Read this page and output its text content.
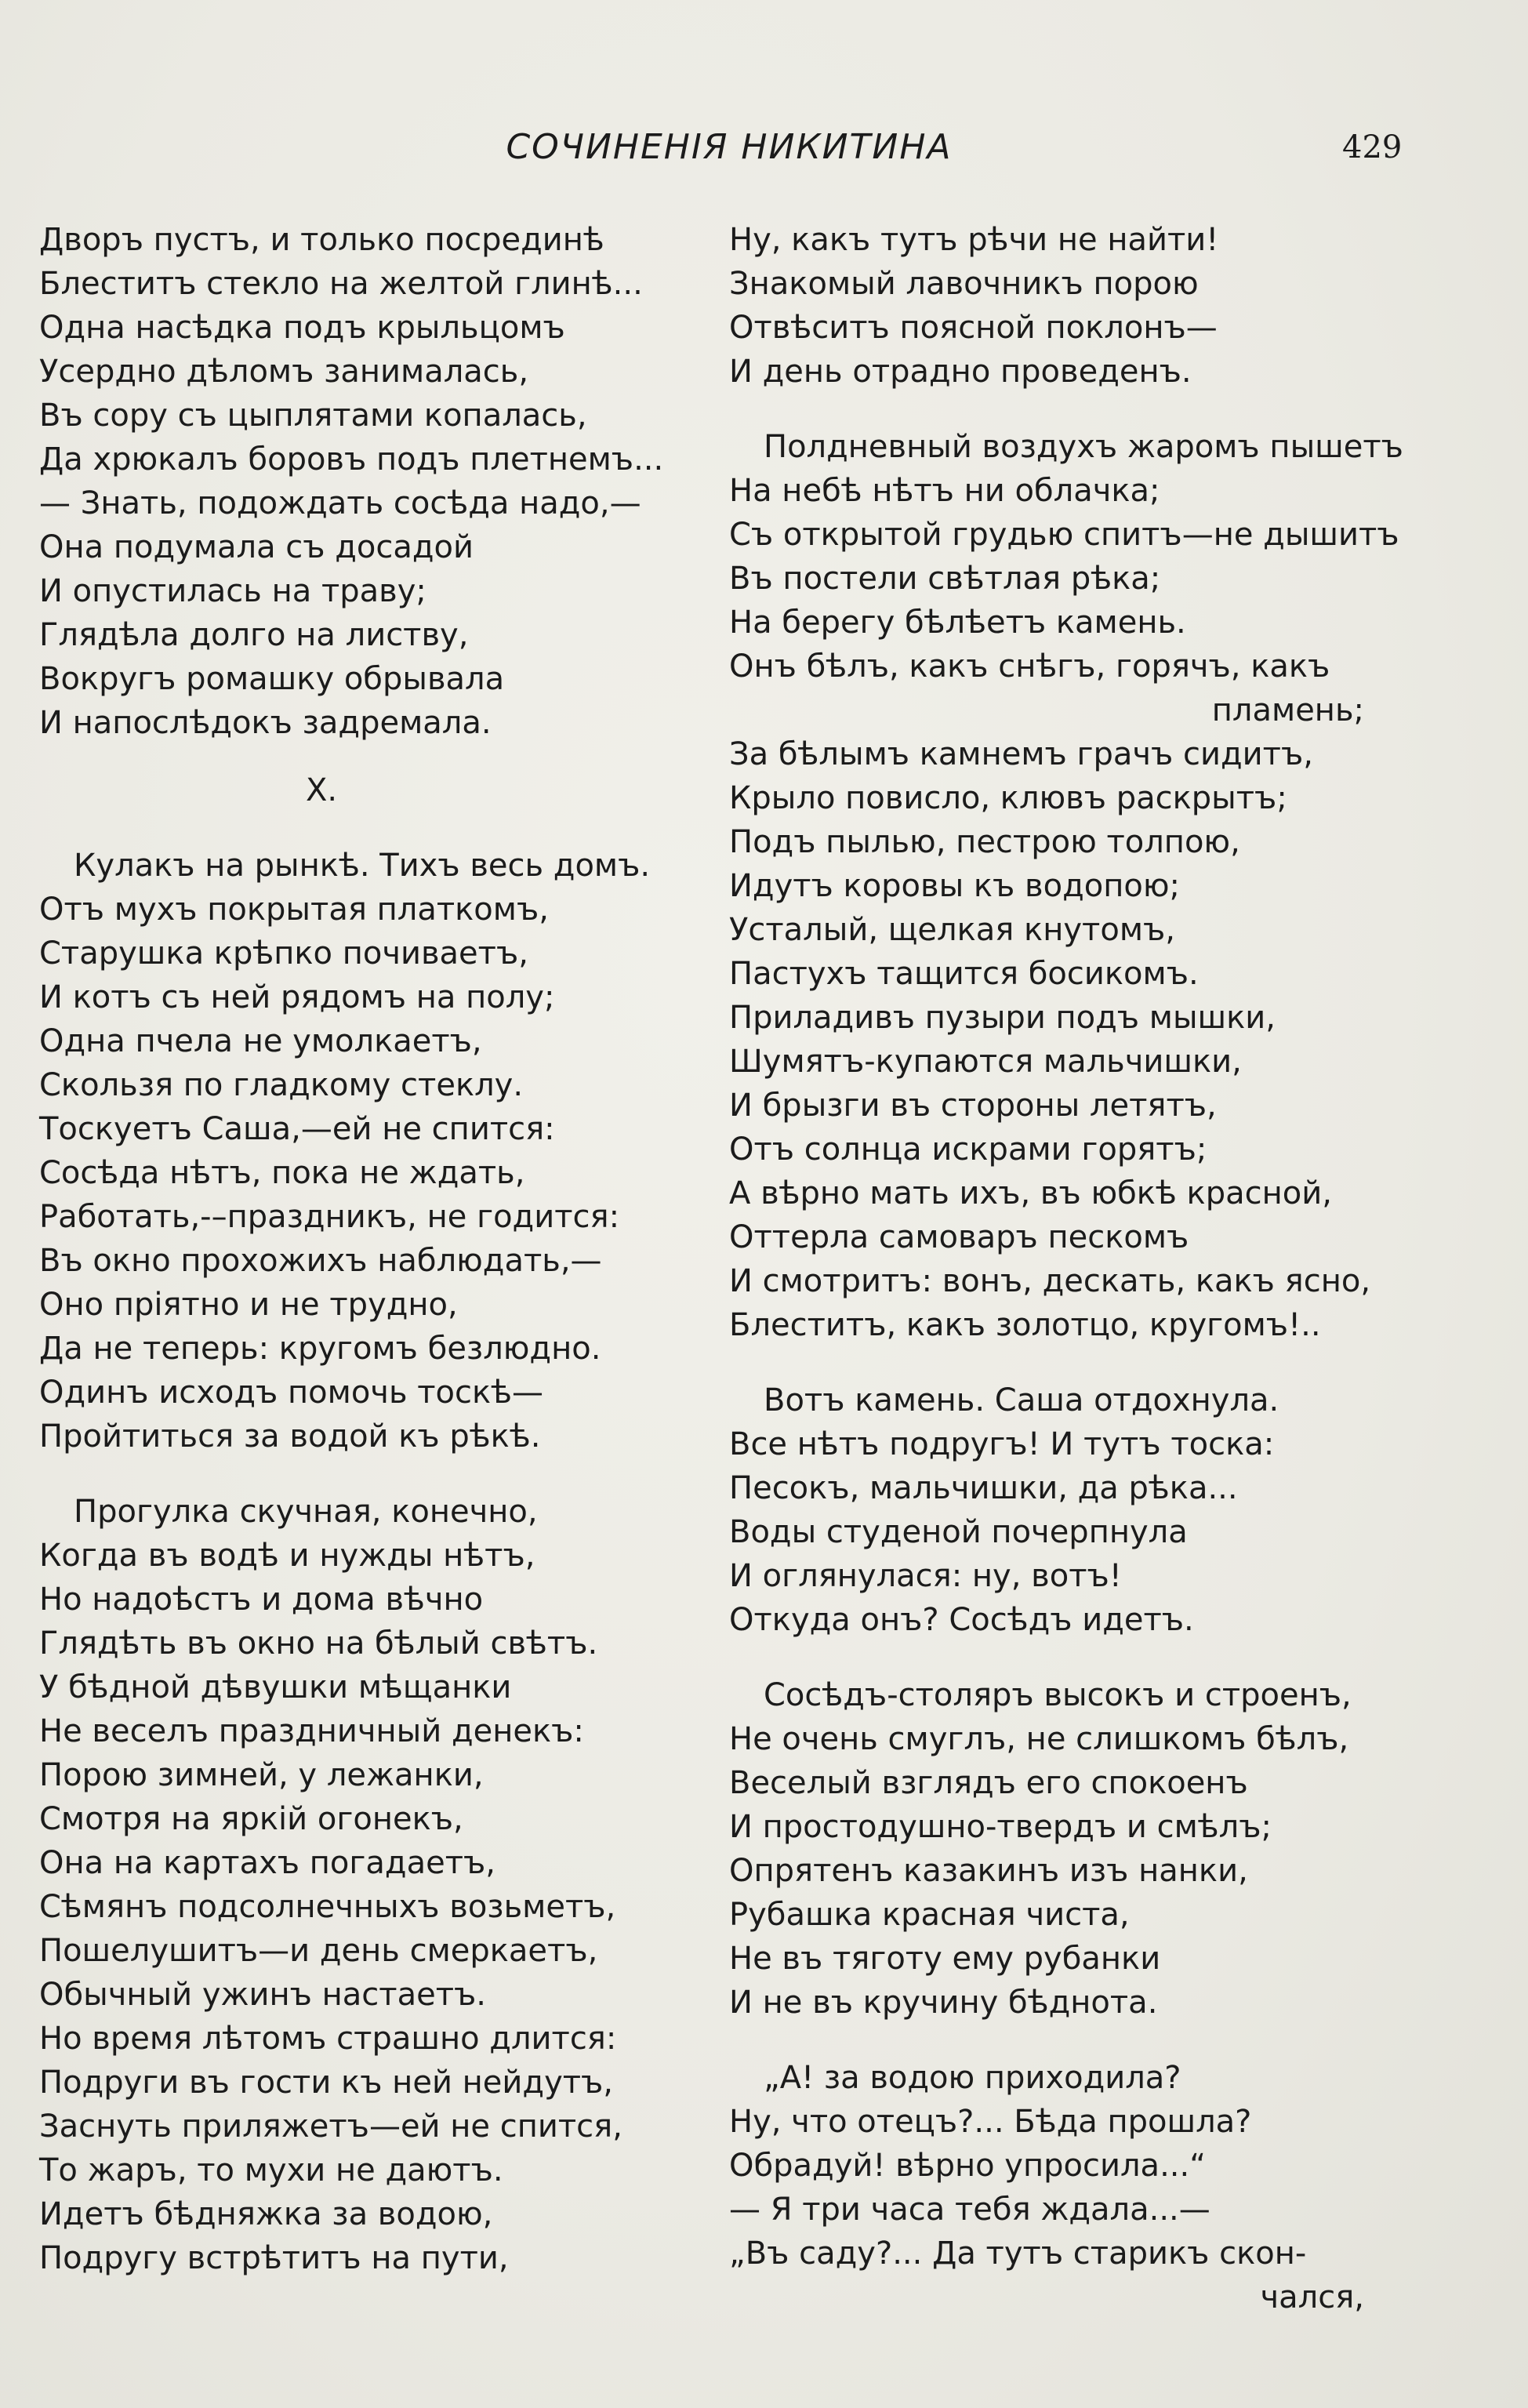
СОЧИНЕНІЯ НИКИТИНА	429
Дворъ пустъ, и только посрединѣ
Блеститъ стекло на желтой глинѣ...
Одна насѣдка подъ крыльцомъ
Усердно дѣломъ занималась,
Въ сору съ цыплятами копалась,
Да хрюкалъ боровъ подъ плетнемъ...
— Знать, подождать сосѣда надо,—
Она подумала съ досадой
И опустилась на траву;
Глядѣла долго на листву,
Вокругъ ромашку обрывала
И напослѣдокъ задремала.
X.
Кулакъ на рынкѣ. Тихъ весь домъ.
Отъ мухъ покрытая платкомъ,
Старушка крѣпко почиваетъ,
И котъ съ ней рядомъ на полу;
Одна пчела не умолкаетъ,
Скользя по гладкому стеклу.
Тоскуетъ Саша,—ей не спится:
Сосѣда нѣтъ, пока не ждать,
Работать,-–праздникъ, не годится:
Въ окно прохожихъ наблюдать,—
Оно пріятно и не трудно,
Да не теперь: кругомъ безлюдно.
Одинъ исходъ помочь тоскѣ—
Пройтиться за водой къ рѣкѣ.
Прогулка скучная, конечно,
Когда въ водѣ и нужды нѣтъ,
Но надоѣстъ и дома вѣчно
Глядѣть въ окно на бѣлый свѣтъ.
У бѣдной дѣвушки мѣщанки
Не веселъ праздничный денекъ:
Порою зимней, у лежанки,
Смотря на яркій огонекъ,
Она на картахъ погадаетъ,
Сѣмянъ подсолнечныхъ возьметъ,
Пошелушитъ—и день смеркаетъ,
Обычный ужинъ настаетъ.
Но время лѣтомъ страшно длится:
Подруги въ гости къ ней нейдутъ,
Заснуть приляжетъ—ей не спится,
То жаръ, то мухи не даютъ.
Идетъ бѣдняжка за водою,
Подругу встрѣтитъ на пути,
Ну, какъ тутъ рѣчи не найти!
Знакомый лавочникъ порою
Отвѣситъ поясной поклонъ—
И день отрадно проведенъ.
Полдневный воздухъ жаромъ пышетъ
На небѣ нѣтъ ни облачка;
Съ открытой грудью спитъ—не дышитъ
Въ постели свѣтлая рѣка;
На берегу бѣлѣетъ камень.
Онъ бѣлъ, какъ снѣгъ, горячъ, какъ
пламень;
За бѣлымъ камнемъ грачъ сидитъ,
Крыло повисло, клювъ раскрытъ;
Подъ пылью, пестрою толпою,
Идутъ коровы къ водопою;
Усталый, щелкая кнутомъ,
Пастухъ тащится босикомъ.
Приладивъ пузыри подъ мышки,
Шумятъ-купаются мальчишки,
И брызги въ стороны летятъ,
Отъ солнца искрами горятъ;
А вѣрно мать ихъ, въ юбкѣ красной,
Оттерла самоваръ пескомъ
И смотритъ: вонъ, дескать, какъ ясно,
Блеститъ, какъ золотцо, кругомъ!..
Вотъ камень. Саша отдохнула.
Все нѣтъ подругъ! И тутъ тоска:
Песокъ, мальчишки, да рѣка...
Воды студеной почерпнула
И оглянулася: ну, вотъ!
Откуда онъ? Сосѣдъ идетъ.
Сосѣдъ-столяръ высокъ и строенъ,
Не очень смуглъ, не слишкомъ бѣлъ,
Веселый взглядъ его спокоенъ
И простодушно-твердъ и смѣлъ;
Опрятенъ казакинъ изъ нанки,
Рубашка красная чиста,
Не въ тяготу ему рубанки
И не въ кручину бѣднота.
„А! за водою приходила?
Ну, что отецъ?... Бѣда прошла?
Обрадуй! вѣрно упросила...“
— Я три часа тебя ждала...—
„Въ саду?... Да тутъ старикъ скон-
чался,
